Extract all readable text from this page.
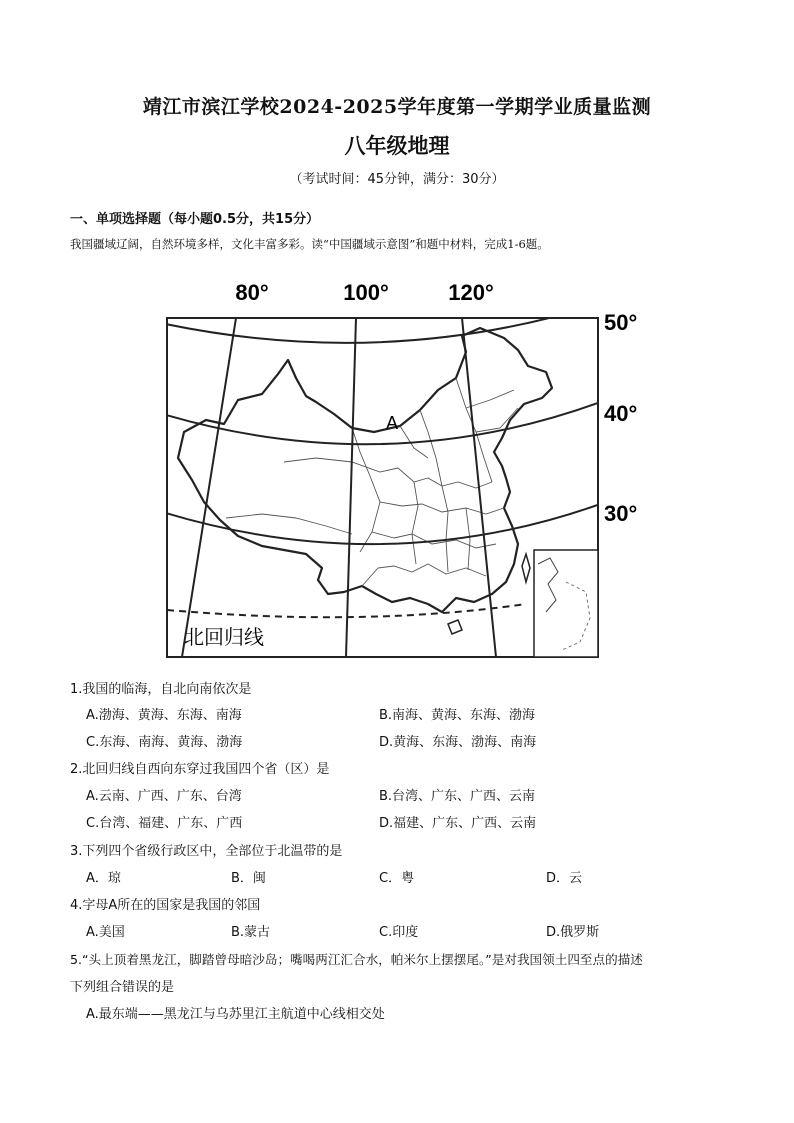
靖江市滨江学校2024-2025学年度第一学期学业质量监测
八年级地理
（考试时间：45分钟，满分：30分）
一、单项选择题（每小题0.5分，共15分）
我国疆域辽阔，自然环境多样，文化丰富多彩。读“中国疆域示意图”和题中材料，完成1-6题。
80°	100°	120°
50°
40°
30°
A
北回归线
1.我国的临海，自北向南依次是
A.渤海、黄海、东海、南海	B.南海、黄海、东海、渤海
C.东海、南海、黄海、渤海	D.黄海、东海、渤海、南海
2.北回归线自西向东穿过我国四个省（区）是
A.云南、广西、广东、台湾	B.台湾、广东、广西、云南
C.台湾、福建、广东、广西	D.福建、广东、广西、云南
3.下列四个省级行政区中，全部位于北温带的是
A．琼	B．闽	C．粤	D．云
4.字母A所在的国家是我国的邻国
A.美国	B.蒙古	C.印度	D.俄罗斯
5.“头上顶着黑龙江，脚踏曾母暗沙岛；嘴喝两江汇合水，帕米尔上摆摆尾。”是对我国领土四至点的描述
下列组合错误的是
A.最东端——黑龙江与乌苏里江主航道中心线相交处
